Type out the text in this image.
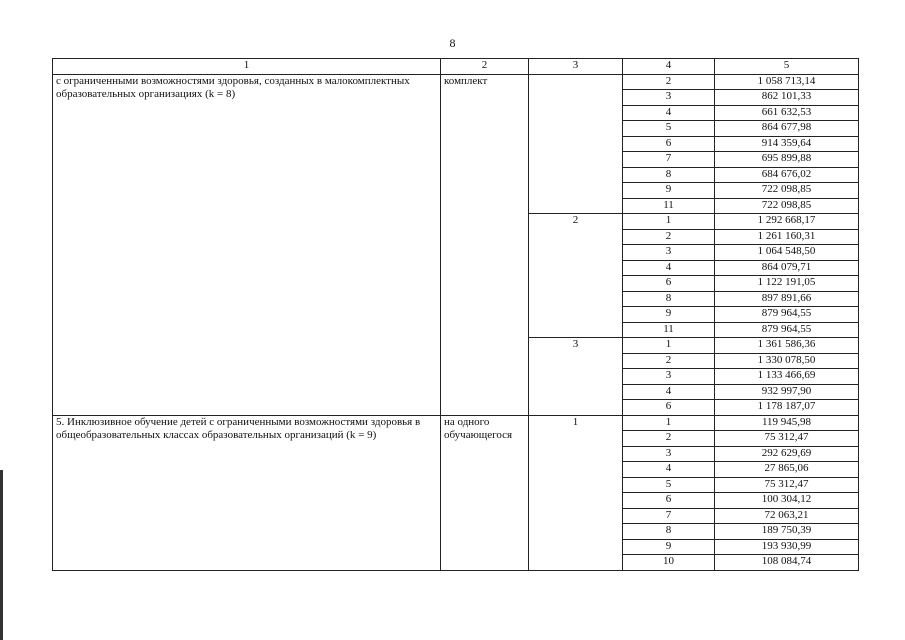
8
1	2	3	4	5
с ограниченными возможностями здоровья, созданных в малокомплектных образовательных организациях (k = 8)	комплект		2	1 058 713,14
			3	862 101,33
			4	661 632,53
			5	864 677,98
			6	914 359,64
			7	695 899,88
			8	684 676,02
			9	722 098,85
			11	722 098,85
		2	1	1 292 668,17
			2	1 261 160,31
			3	1 064 548,50
			4	864 079,71
			6	1 122 191,05
			8	897 891,66
			9	879 964,55
			11	879 964,55
		3	1	1 361 586,36
			2	1 330 078,50
			3	1 133 466,69
			4	932 997,90
			6	1 178 187,07
5. Инклюзивное обучение детей с ограниченными возможностями здоровья в общеобразовательных классах образовательных организаций (k = 9)	на одного обучающегося	1	1	119 945,98
			2	75 312,47
			3	292 629,69
			4	27 865,06
			5	75 312,47
			6	100 304,12
			7	72 063,21
			8	189 750,39
			9	193 930,99
			10	108 084,74
